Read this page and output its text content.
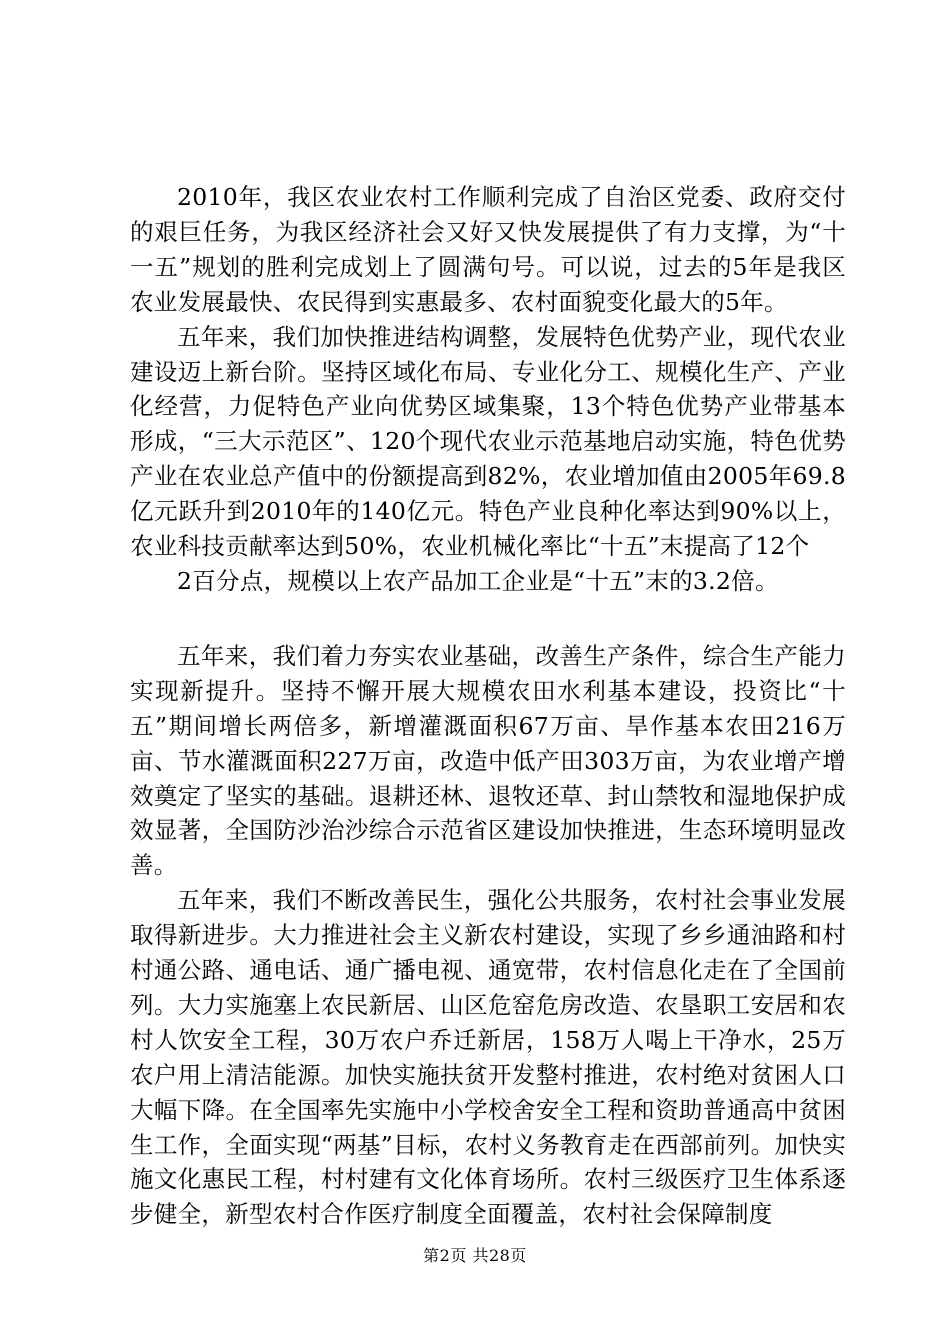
2010年，我区农业农村工作顺利完成了自治区党委、政府交付的艰巨任务，为我区经济社会又好又快发展提供了有力支撑，为“十一五”规划的胜利完成划上了圆满句号。可以说，过去的5年是我区农业发展最快、农民得到实惠最多、农村面貌变化最大的5年。

五年来，我们加快推进结构调整，发展特色优势产业，现代农业建设迈上新台阶。坚持区域化布局、专业化分工、规模化生产、产业化经营，力促特色产业向优势区域集聚，13个特色优势产业带基本形成，“三大示范区”、120个现代农业示范基地启动实施，特色优势产业在农业总产值中的份额提高到82%，农业增加值由2005年69.8亿元跃升到2010年的140亿元。特色产业良种化率达到90%以上，农业科技贡献率达到50%，农业机械化率比“十五”末提高了12个

2百分点，规模以上农产品加工企业是“十五”末的3.2倍。

五年来，我们着力夯实农业基础，改善生产条件，综合生产能力实现新提升。坚持不懈开展大规模农田水利基本建设，投资比“十五”期间增长两倍多，新增灌溉面积67万亩、旱作基本农田216万亩、节水灌溉面积227万亩，改造中低产田303万亩，为农业增产增效奠定了坚实的基础。退耕还林、退牧还草、封山禁牧和湿地保护成效显著，全国防沙治沙综合示范省区建设加快推进，生态环境明显改善。

五年来，我们不断改善民生，强化公共服务，农村社会事业发展取得新进步。大力推进社会主义新农村建设，实现了乡乡通油路和村村通公路、通电话、通广播电视、通宽带，农村信息化走在了全国前列。大力实施塞上农民新居、山区危窑危房改造、农垦职工安居和农村人饮安全工程，30万农户乔迁新居，158万人喝上干净水，25万农户用上清洁能源。加快实施扶贫开发整村推进，农村绝对贫困人口大幅下降。在全国率先实施中小学校舍安全工程和资助普通高中贫困生工作，全面实现“两基”目标，农村义务教育走在西部前列。加快实施文化惠民工程，村村建有文化体育场所。农村三级医疗卫生体系逐步健全，新型农村合作医疗制度全面覆盖，农村社会保障制度

第2页 共28页
